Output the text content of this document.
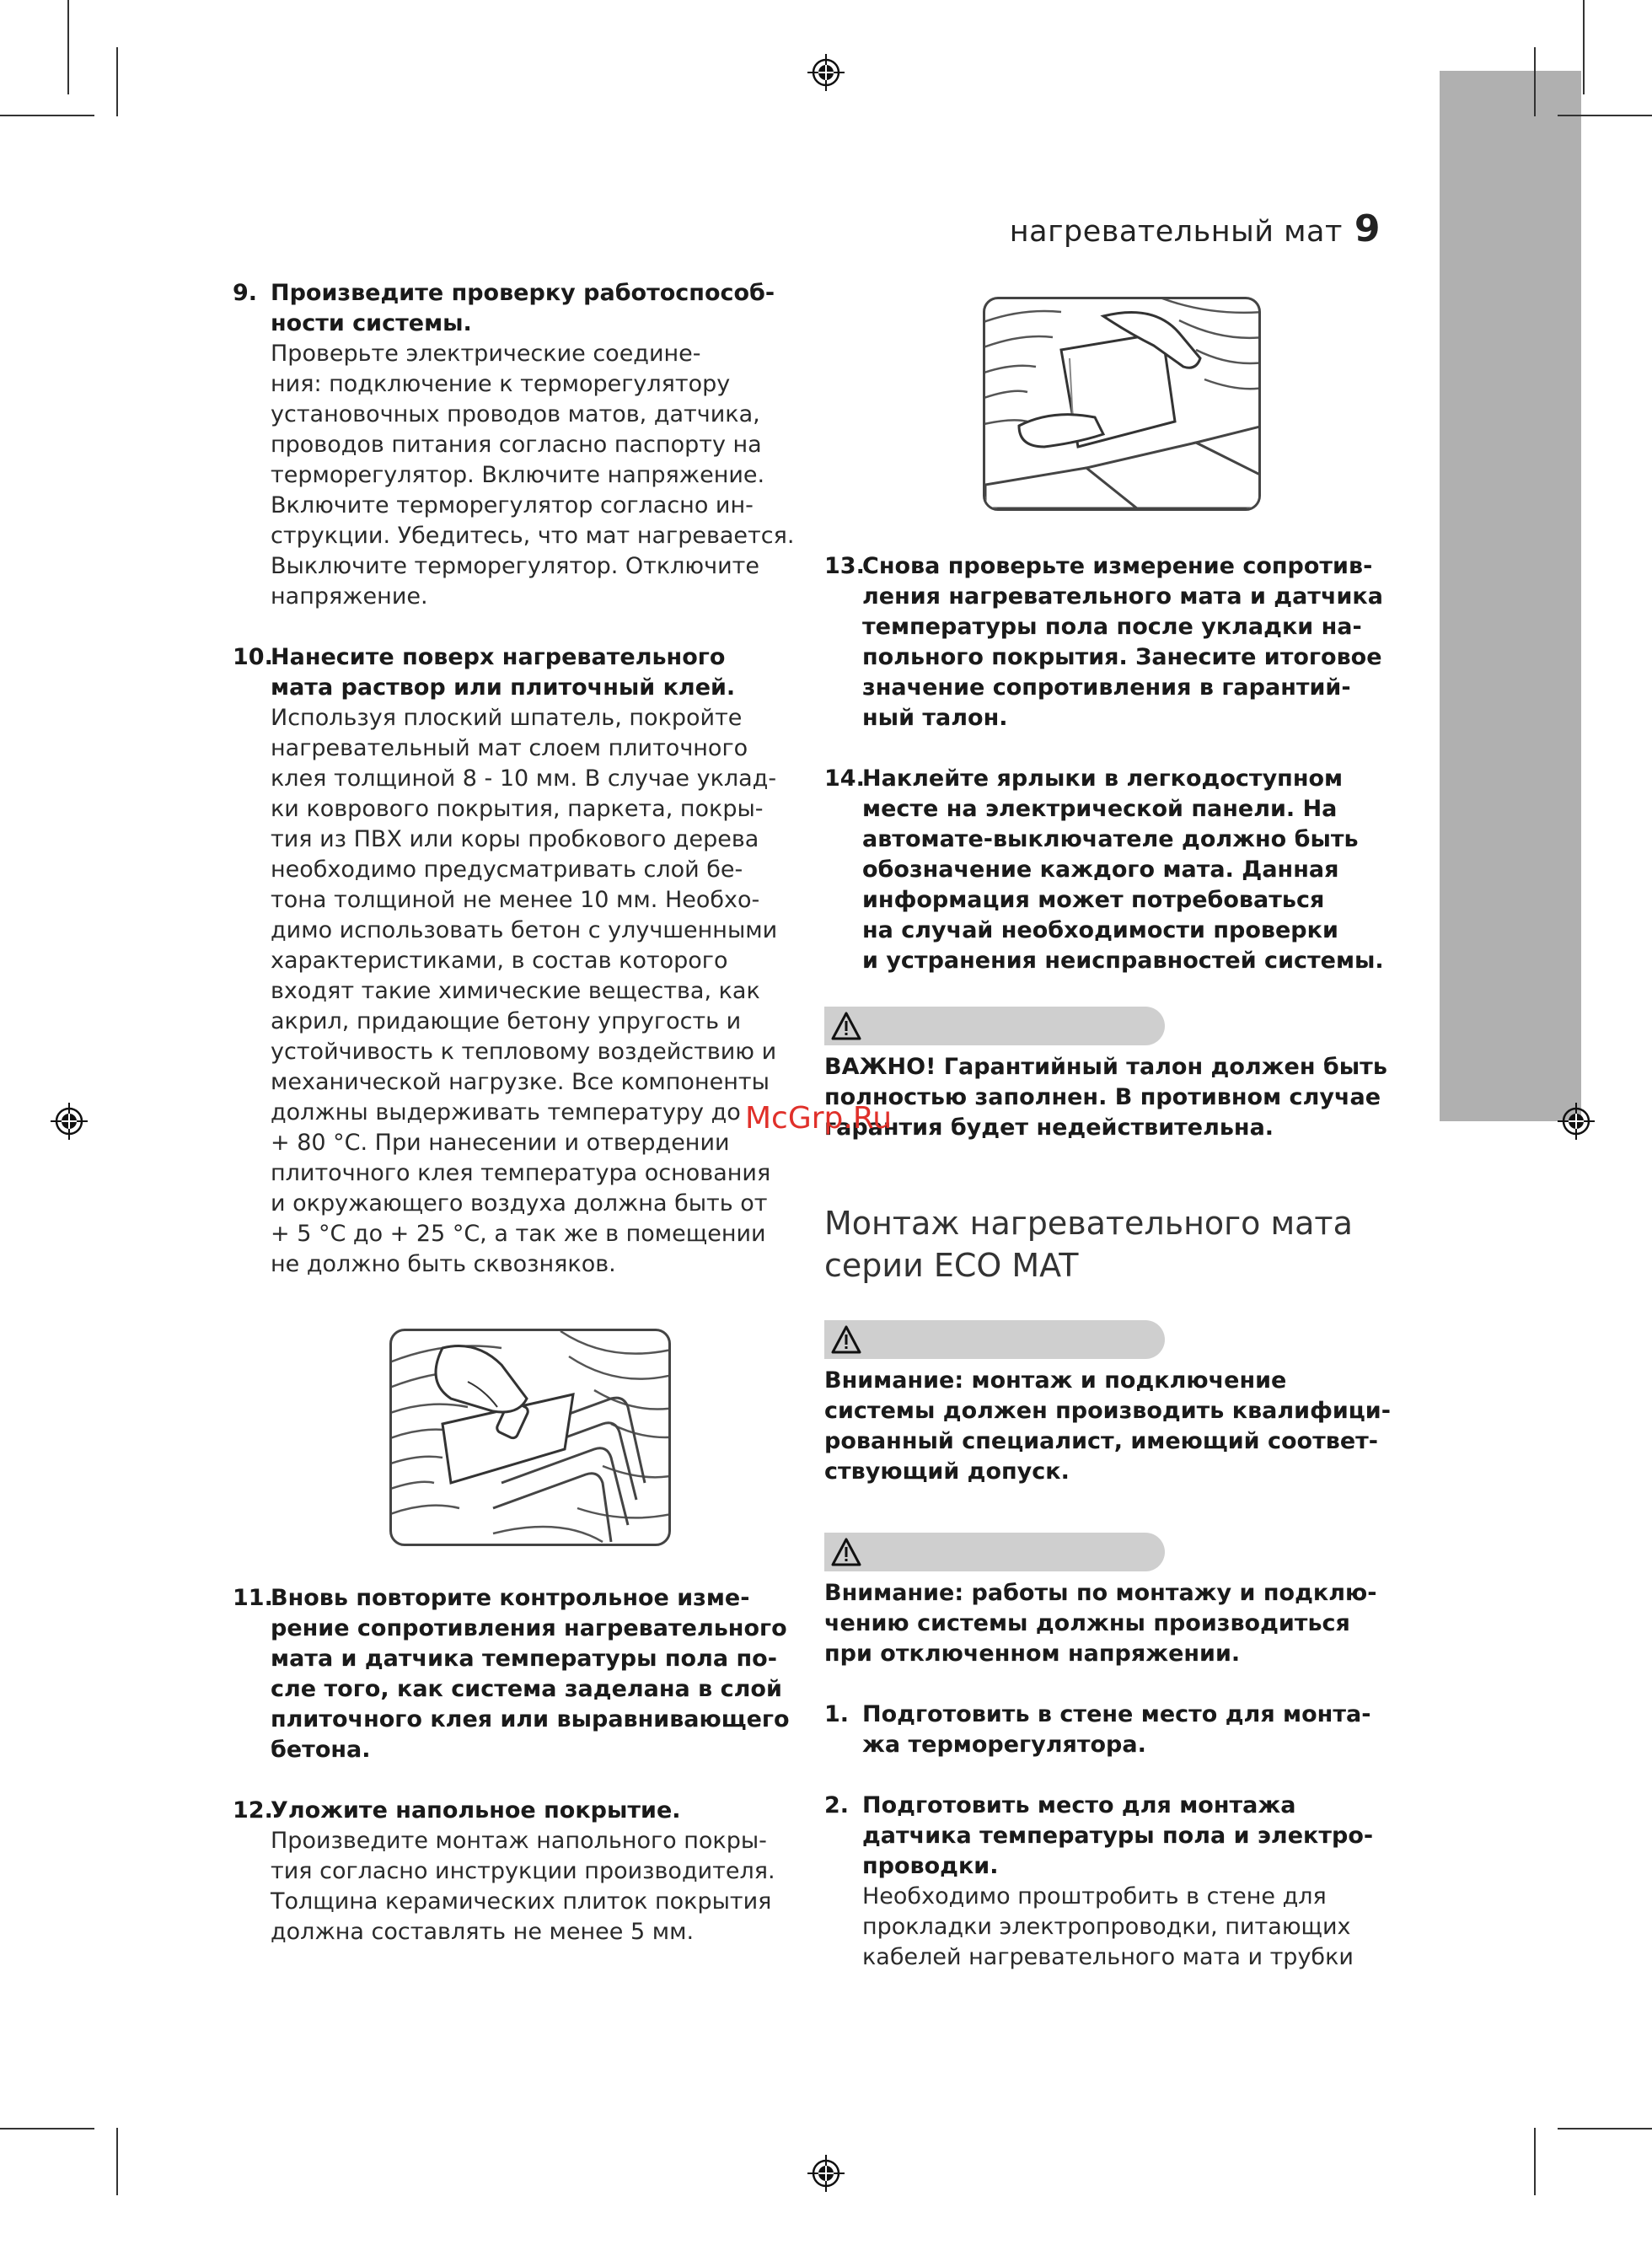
нагревательный мат 9
9. Произведите проверку работоспособ-
ности системы.
Проверьте электрические соедине-
ния: подключение к терморегулятору
установочных проводов матов, датчика,
проводов питания согласно паспорту на
терморегулятор. Включите напряжение.
Включите терморегулятор согласно ин-
струкции. Убедитесь, что мат нагревается.
Выключите терморегулятор. Отключите
напряжение.
10.
Нанесите поверх нагревательного
мата раствор или плиточный клей.
Используя плоский шпатель, покройте
нагревательный мат слоем плиточного
клея толщиной 8 - 10 мм. В случае уклад-
ки коврового покрытия, паркета, покры-
тия из ПВХ или коры пробкового дерева
необходимо предусматривать слой бе-
тона толщиной не менее 10 мм. Необхо-
димо использовать бетон с улучшенными
характеристиками, в состав которого
входят такие химические вещества, как
акрил, придающие бетону упругость и
устойчивость к тепловому воздействию и
механической нагрузке. Все компоненты
должны выдерживать температуру до
+ 80 °С. При нанесении и отвердении
плиточного клея температура основания
и окружающего воздуха должна быть от
+ 5 °С до + 25 °С, а так же в помещении
не должно быть сквозняков.
11.
Вновь повторите контрольное изме-
рение сопротивления нагревательного
мата и датчика температуры пола по-
сле того, как система заделана в слой
плиточного клея или выравнивающего
бетона.
12.
Уложите напольное покрытие.
Произведите монтаж напольного покры-
тия согласно инструкции производителя.
Толщина керамических плиток покрытия
должна составлять не менее 5 мм.
13.
Снова проверьте измерение сопротив-
ления нагревательного мата и датчика
температуры пола после укладки на-
польного покрытия. Занесите итоговое
значение сопротивления в гарантий-
ный талон.
14.
Наклейте ярлыки в легкодоступном
месте на электрической панели. На
автомате-выключателе должно быть
обозначение каждого мата. Данная
информация может потребоваться
на случай необходимости проверки
и устранения неисправностей системы.
ВАЖНО! Гарантийный талон должен быть
полностью заполнен. В противном случае
гарантия будет недействительна.
Монтаж нагревательного мата
серии ECO MAT
Внимание: монтаж и подключение
системы должен производить квалифици-
рованный специалист, имеющий соответ-
ствующий допуск.
Внимание: работы по монтажу и подклю-
чению системы должны производиться
при отключенном напряжении.
1. Подготовить в стене место для монта-
жа терморегулятора.
2. Подготовить место для монтажа
датчика температуры пола и электро-
проводки.
Необходимо проштробить в стене для
прокладки электропроводки, питающих
кабелей нагревательного мата и трубки
McGrp.Ru
